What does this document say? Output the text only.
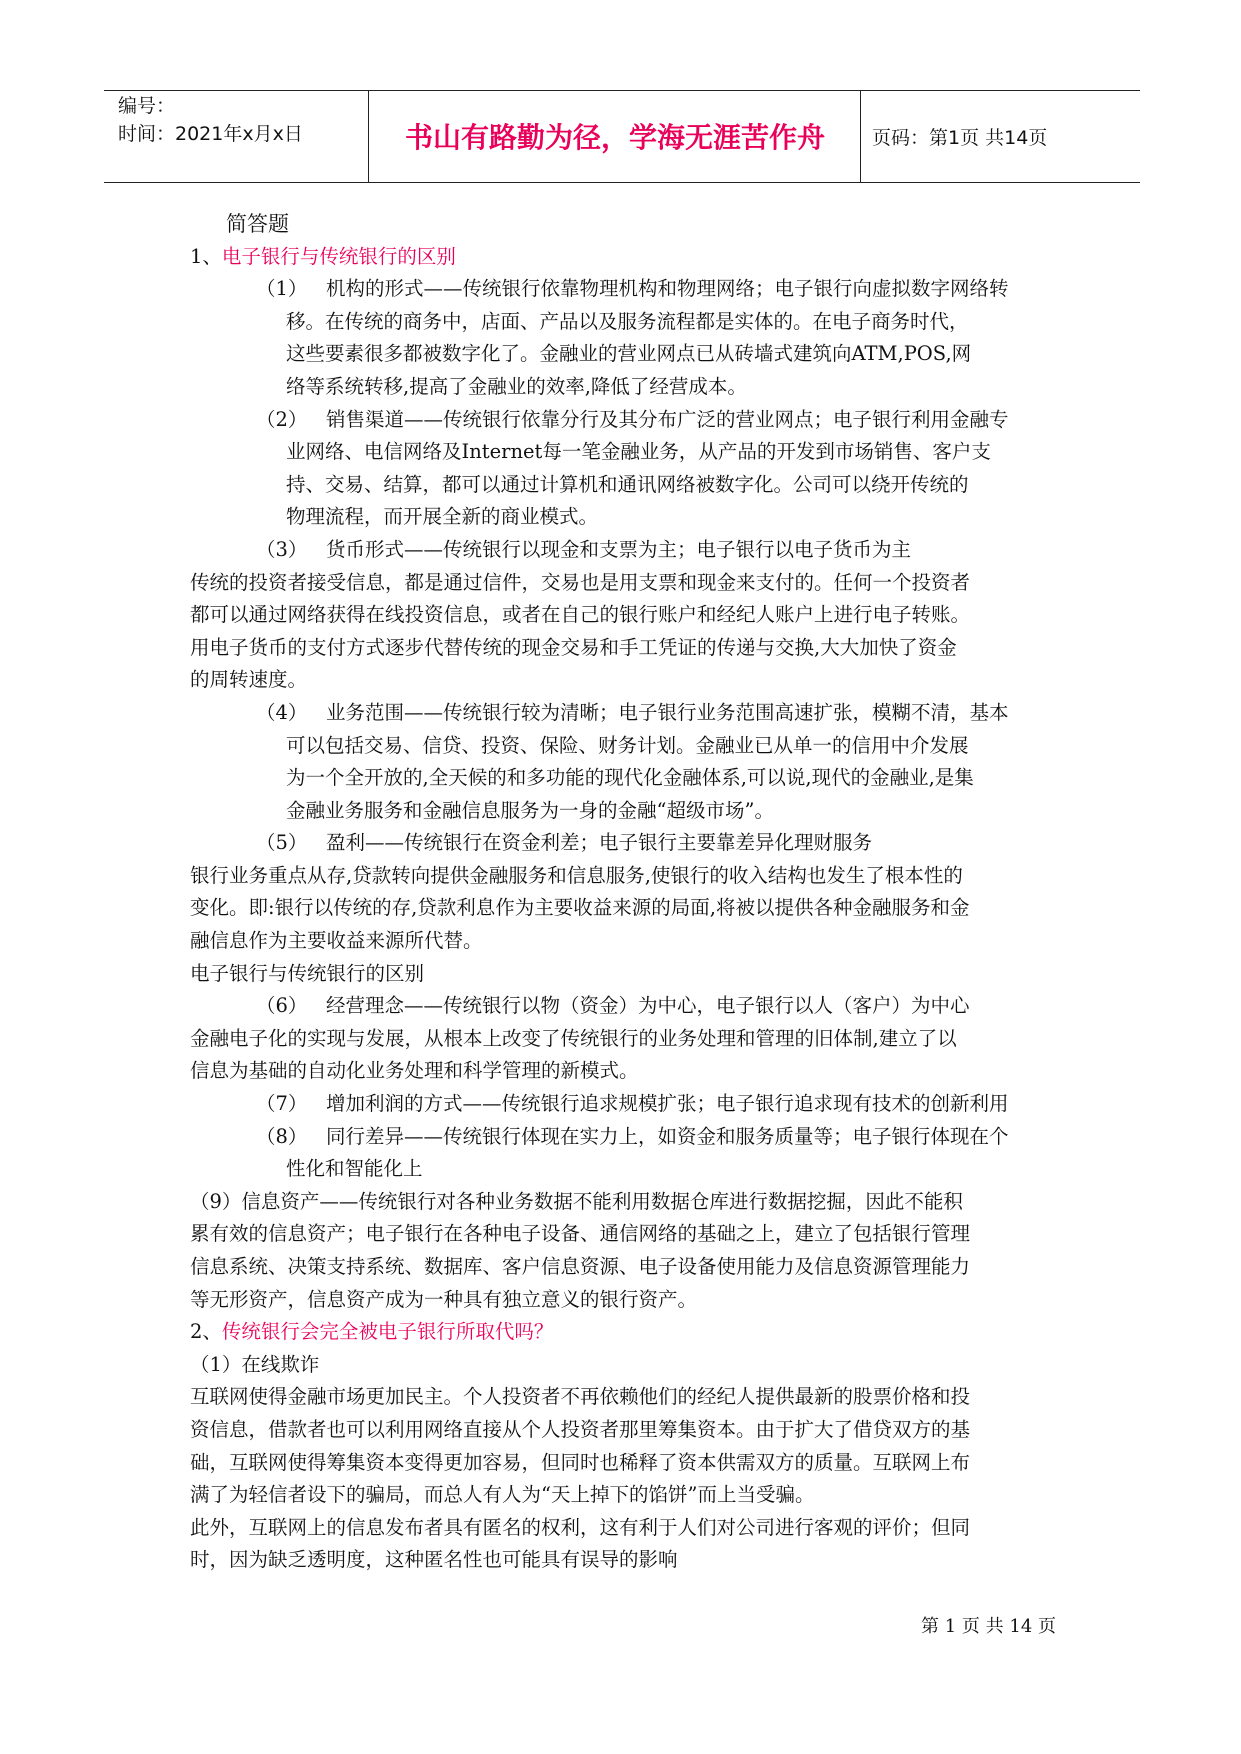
编号：
时间：2021年x月x日	书山有路勤为径，学海无涯苦作舟	页码：第1页 共14页
简答题
1、电子银行与传统银行的区别
（1） 机构的形式——传统银行依靠物理机构和物理网络；电子银行向虚拟数字网络转
移。在传统的商务中，店面、产品以及服务流程都是实体的。在电子商务时代，
这些要素很多都被数字化了。金融业的营业网点已从砖墙式建筑向ATM,POS,网
络等系统转移,提高了金融业的效率,降低了经营成本。
（2） 销售渠道——传统银行依靠分行及其分布广泛的营业网点；电子银行利用金融专
业网络、电信网络及Internet每一笔金融业务，从产品的开发到市场销售、客户支
持、交易、结算，都可以通过计算机和通讯网络被数字化。公司可以绕开传统的
物理流程，而开展全新的商业模式。
（3） 货币形式——传统银行以现金和支票为主；电子银行以电子货币为主
传统的投资者接受信息，都是通过信件，交易也是用支票和现金来支付的。任何一个投资者
都可以通过网络获得在线投资信息，或者在自己的银行账户和经纪人账户上进行电子转账。
用电子货币的支付方式逐步代替传统的现金交易和手工凭证的传递与交换,大大加快了资金
的周转速度。
（4） 业务范围——传统银行较为清晰；电子银行业务范围高速扩张，模糊不清，基本
可以包括交易、信贷、投资、保险、财务计划。金融业已从单一的信用中介发展
为一个全开放的,全天候的和多功能的现代化金融体系,可以说,现代的金融业,是集
金融业务服务和金融信息服务为一身的金融“超级市场”。
（5） 盈利——传统银行在资金利差；电子银行主要靠差异化理财服务
银行业务重点从存,贷款转向提供金融服务和信息服务,使银行的收入结构也发生了根本性的
变化。即:银行以传统的存,贷款利息作为主要收益来源的局面,将被以提供各种金融服务和金
融信息作为主要收益来源所代替。
电子银行与传统银行的区别
（6） 经营理念——传统银行以物（资金）为中心，电子银行以人（客户）为中心
金融电子化的实现与发展，从根本上改变了传统银行的业务处理和管理的旧体制,建立了以
信息为基础的自动化业务处理和科学管理的新模式。
（7） 增加利润的方式——传统银行追求规模扩张；电子银行追求现有技术的创新利用
（8） 同行差异——传统银行体现在实力上，如资金和服务质量等；电子银行体现在个
性化和智能化上
（9）信息资产——传统银行对各种业务数据不能利用数据仓库进行数据挖掘，因此不能积
累有效的信息资产；电子银行在各种电子设备、通信网络的基础之上，建立了包括银行管理
信息系统、决策支持系统、数据库、客户信息资源、电子设备使用能力及信息资源管理能力
等无形资产，信息资产成为一种具有独立意义的银行资产。
2、传统银行会完全被电子银行所取代吗？
（1）在线欺诈
互联网使得金融市场更加民主。个人投资者不再依赖他们的经纪人提供最新的股票价格和投
资信息，借款者也可以利用网络直接从个人投资者那里筹集资本。由于扩大了借贷双方的基
础，互联网使得筹集资本变得更加容易，但同时也稀释了资本供需双方的质量。互联网上布
满了为轻信者设下的骗局，而总人有人为“天上掉下的馅饼”而上当受骗。
此外，互联网上的信息发布者具有匿名的权利，这有利于人们对公司进行客观的评价；但同
时，因为缺乏透明度，这种匿名性也可能具有误导的影响
第 1 页 共 14 页
